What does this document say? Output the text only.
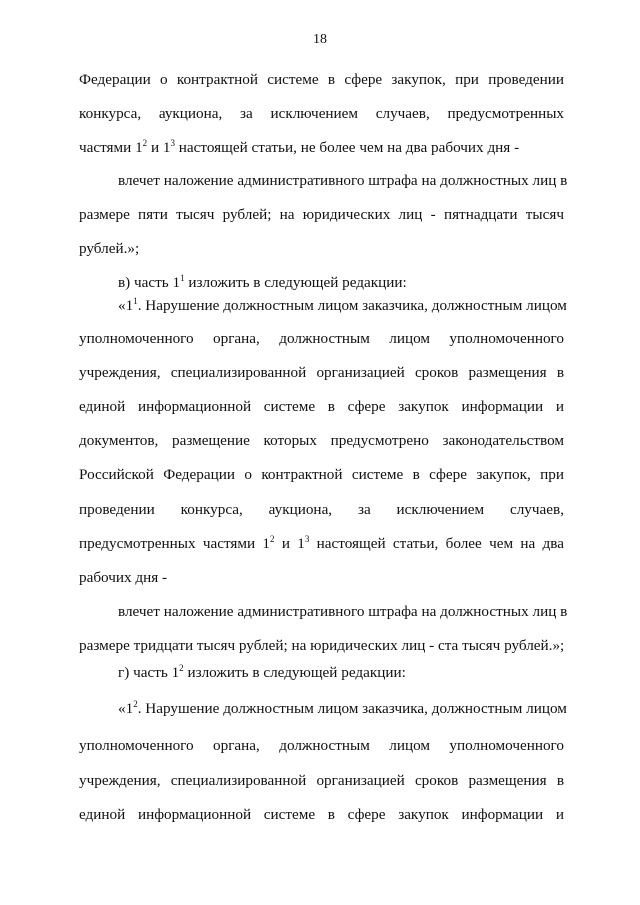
18
Федерации о контрактной системе в сфере закупок, при проведении
конкурса, аукциона, за исключением случаев, предусмотренных
частями $1^2$ и $1^3$ настоящей статьи, не более чем на два рабочих дня -
влечет наложение административного штрафа на должностных лиц в
размере пяти тысяч рублей; на юридических лиц - пятнадцати тысяч
рублей.»;
в) часть $1^1$ изложить в следующей редакции:
«$1^1$. Нарушение должностным лицом заказчика, должностным лицом
уполномоченного органа, должностным лицом уполномоченного
учреждения, специализированной организацией сроков размещения в
единой информационной системе в сфере закупок информации и
документов, размещение которых предусмотрено законодательством
Российской Федерации о контрактной системе в сфере закупок, при
проведении конкурса, аукциона, за исключением случаев,
предусмотренных частями $1^2$ и $1^3$ настоящей статьи, более чем на два
рабочих дня -
влечет наложение административного штрафа на должностных лиц в
размере тридцати тысяч рублей; на юридических лиц - ста тысяч рублей.»;
г) часть $1^2$ изложить в следующей редакции:
«$1^2$. Нарушение должностным лицом заказчика, должностным лицом
уполномоченного органа, должностным лицом уполномоченного
учреждения, специализированной организацией сроков размещения в
единой информационной системе в сфере закупок информации и
